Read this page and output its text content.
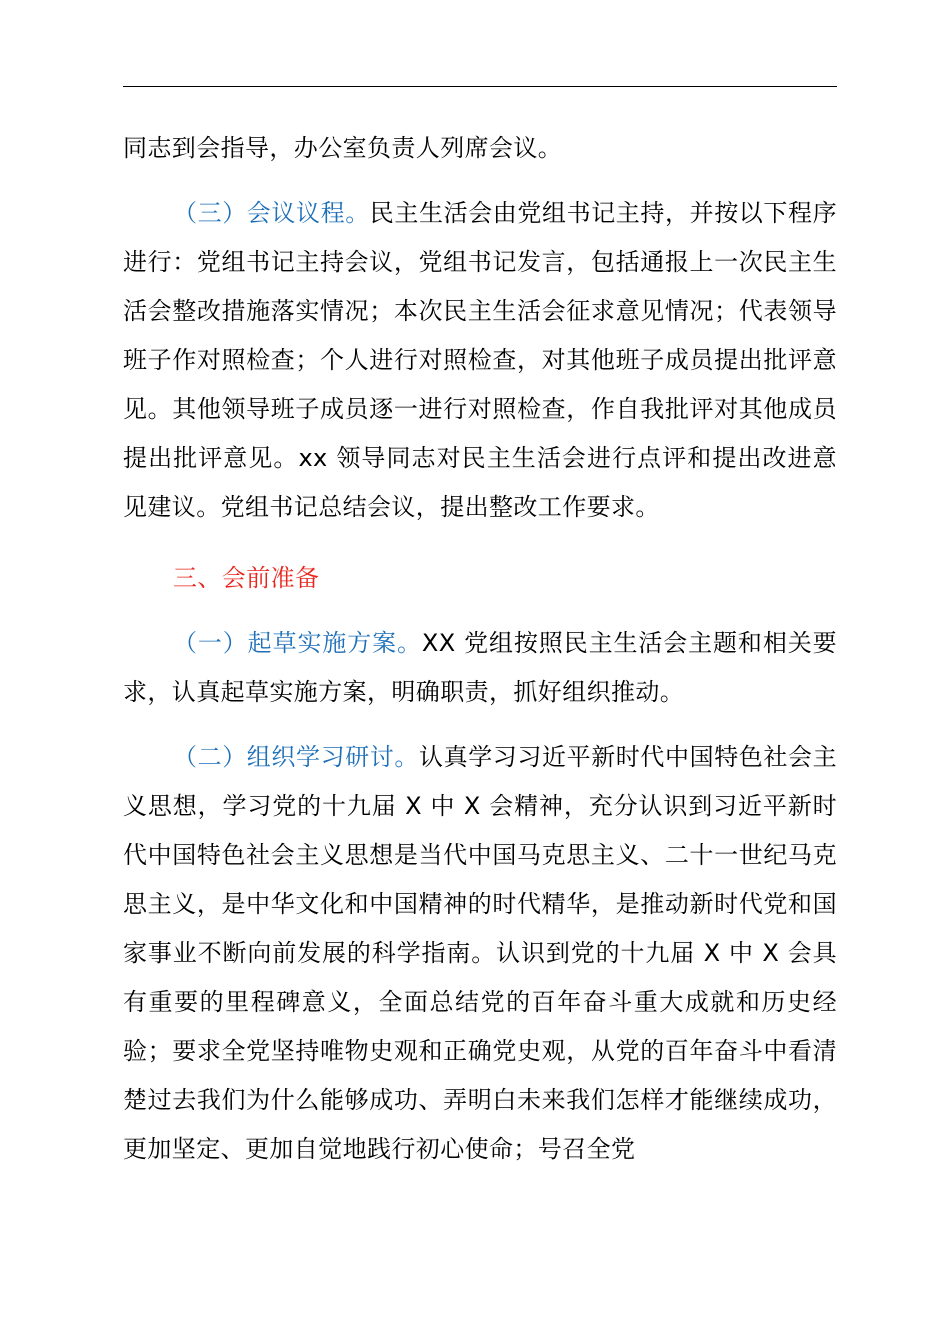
同志到会指导，办公室负责人列席会议。

（三）会议议程。民主生活会由党组书记主持，并按以下程序进行：党组书记主持会议，党组书记发言，包括通报上一次民主生活会整改措施落实情况；本次民主生活会征求意见情况；代表领导班子作对照检查；个人进行对照检查，对其他班子成员提出批评意见。其他领导班子成员逐一进行对照检查，作自我批评对其他成员提出批评意见。xx 领导同志对民主生活会进行点评和提出改进意见建议。党组书记总结会议，提出整改工作要求。

三、会前准备

（一）起草实施方案。XX 党组按照民主生活会主题和相关要求，认真起草实施方案，明确职责，抓好组织推动。

（二）组织学习研讨。认真学习习近平新时代中国特色社会主义思想，学习党的十九届 X 中 X 会精神，充分认识到习近平新时代中国特色社会主义思想是当代中国马克思主义、二十一世纪马克思主义，是中华文化和中国精神的时代精华，是推动新时代党和国家事业不断向前发展的科学指南。认识到党的十九届 X 中 X 会具有重要的里程碑意义，全面总结党的百年奋斗重大成就和历史经验；要求全党坚持唯物史观和正确党史观，从党的百年奋斗中看清楚过去我们为什么能够成功、弄明白未来我们怎样才能继续成功，更加坚定、更加自觉地践行初心使命；号召全党
